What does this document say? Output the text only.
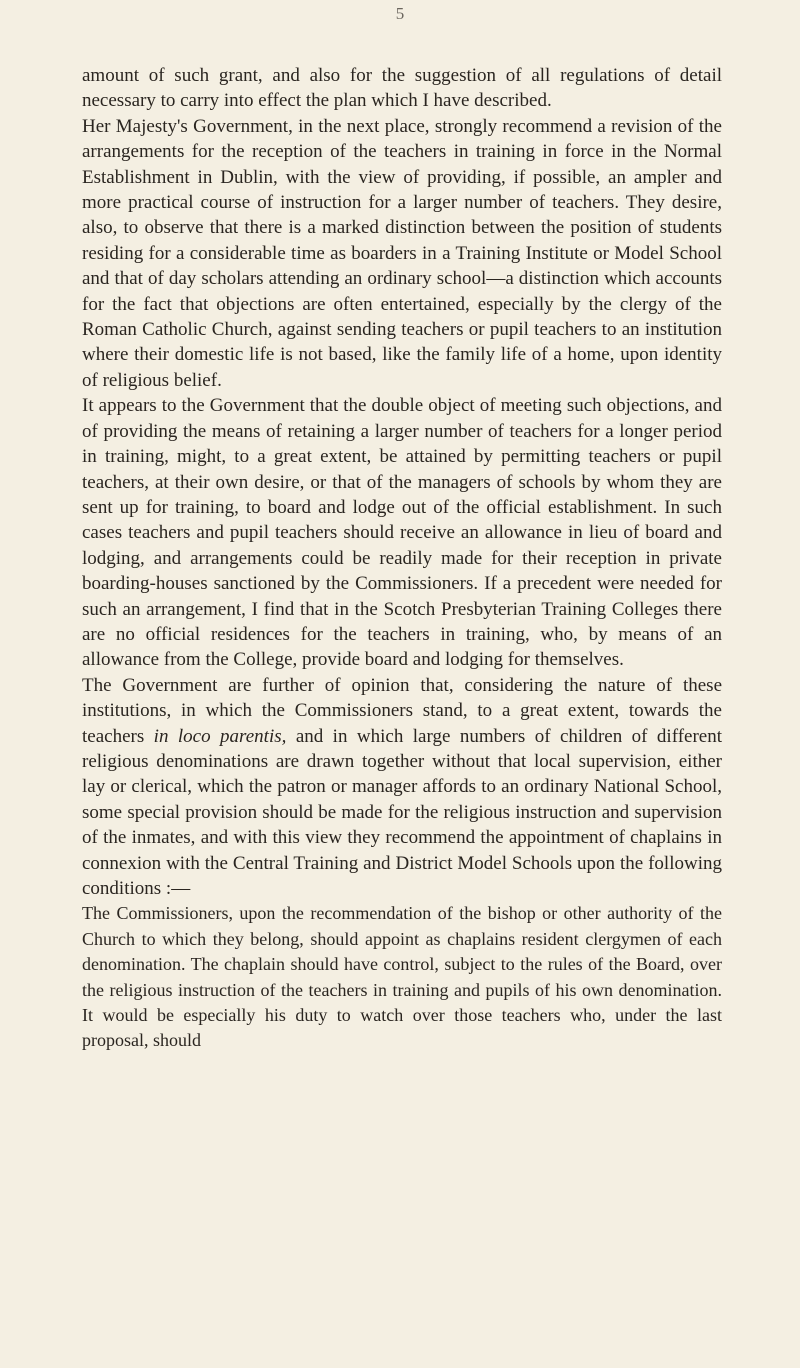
5

amount of such grant, and also for the suggestion of all regulations of detail necessary to carry into effect the plan which I have described.

Her Majesty's Government, in the next place, strongly recommend a revision of the arrangements for the reception of the teachers in training in force in the Normal Establishment in Dublin, with the view of providing, if possible, an ampler and more practical course of instruction for a larger number of teachers. They desire, also, to observe that there is a marked distinction between the position of students residing for a considerable time as boarders in a Training Institute or Model School and that of day scholars attending an ordinary school—a distinction which accounts for the fact that objections are often entertained, especially by the clergy of the Roman Catholic Church, against sending teachers or pupil teachers to an institution where their domestic life is not based, like the family life of a home, upon identity of religious belief.

It appears to the Government that the double object of meeting such objections, and of providing the means of retaining a larger number of teachers for a longer period in training, might, to a great extent, be attained by permitting teachers or pupil teachers, at their own desire, or that of the managers of schools by whom they are sent up for training, to board and lodge out of the official establishment. In such cases teachers and pupil teachers should receive an allowance in lieu of board and lodging, and arrangements could be readily made for their reception in private boarding-houses sanctioned by the Commissioners. If a precedent were needed for such an arrangement, I find that in the Scotch Presbyterian Training Colleges there are no official residences for the teachers in training, who, by means of an allowance from the College, provide board and lodging for themselves.

The Government are further of opinion that, considering the nature of these institutions, in which the Commissioners stand, to a great extent, towards the teachers in loco parentis, and in which large numbers of children of different religious denominations are drawn together without that local supervision, either lay or clerical, which the patron or manager affords to an ordinary National School, some special provision should be made for the religious instruction and supervision of the inmates, and with this view they recommend the appointment of chaplains in connexion with the Central Training and District Model Schools upon the following conditions :—

The Commissioners, upon the recommendation of the bishop or other authority of the Church to which they belong, should appoint as chaplains resident clergymen of each denomination. The chaplain should have control, subject to the rules of the Board, over the religious instruction of the teachers in training and pupils of his own denomination. It would be especially his duty to watch over those teachers who, under the last proposal, should
